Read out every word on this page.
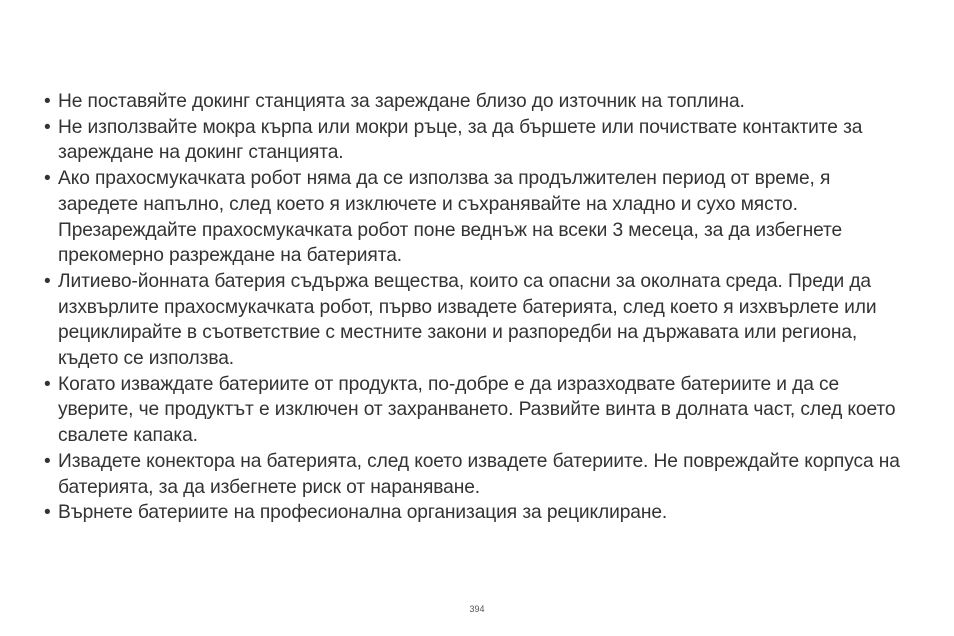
• Не поставяйте докинг станцията за зареждане близо до източник на топлина.
• Не използвайте мокра кърпа или мокри ръце, за да бършете или почиствате контактите за зареждане на докинг станцията.
• Ако прахосмукачката робот няма да се използва за продължителен период от време, я заредете напълно, след което я изключете и съхранявайте на хладно и сухо място. Презареждайте прахосмукачката робот поне веднъж на всеки 3 месеца, за да избегнете прекомерно разреждане на батерията.
• Литиево-йонната батерия съдържа вещества, които са опасни за околната среда. Преди да изхвърлите прахосмукачката робот, първо извадете батерията, след което я изхвърлете или рециклирайте в съответствие с местните закони и разпоредби на държавата или региона, където се използва.
• Когато изваждате батериите от продукта, по-добре е да изразходвате батериите и да се уверите, че продуктът е изключен от захранването. Развийте винта в долната част, след което свалете капака.
• Извадете конектора на батерията, след което извадете батериите. Не повреждайте корпуса на батерията, за да избегнете риск от нараняване.
• Върнете батериите на професионална организация за рециклиране.
394
